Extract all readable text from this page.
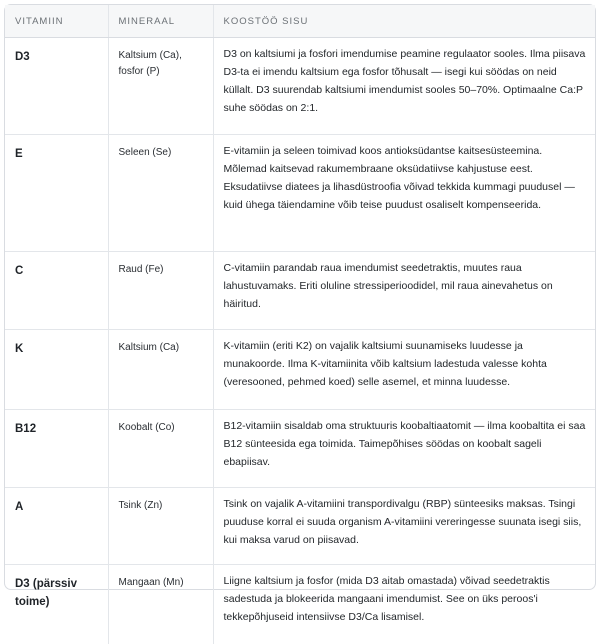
VITAMIIN	MINERAAL	KOOSTÖÖ SISU
D3	Kaltsium (Ca), fosfor (P)	D3 on kaltsiumi ja fosfori imendumise peamine regulaator sooles. Ilma piisava D3-ta ei imendu kaltsium ega fosfor tõhusalt — isegi kui söödas on neid küllalt. D3 suurendab kaltsiumi imendumist sooles 50–70%. Optimaalne Ca:P suhe söödas on 2:1.
E	Seleen (Se)	E-vitamiin ja seleen toimivad koos antioksüdantse kaitsesüsteemina. Mõlemad kaitsevad rakumembraane oksüdatiivse kahjustuse eest. Eksudatiivse diatees ja lihasdüstroofia võivad tekkida kummagi puudusel — kuid ühega täiendamine võib teise puudust osaliselt kompenseerida.
C	Raud (Fe)	C-vitamiin parandab raua imendumist seedetraktis, muutes raua lahustuvamaks. Eriti oluline stressiperioodidel, mil raua ainevahetus on häiritud.
K	Kaltsium (Ca)	K-vitamiin (eriti K2) on vajalik kaltsiumi suunamiseks luudesse ja munakoorde. Ilma K-vitamiinita võib kaltsium ladestuda valesse kohta (veresooned, pehmed koed) selle asemel, et minna luudesse.
B12	Koobalt (Co)	B12-vitamiin sisaldab oma struktuuris koobaltiaatomit — ilma koobaltita ei saa B12 sünteesida ega toimida. Taimepõhises söödas on koobalt sageli ebapiisav.
A	Tsink (Zn)	Tsink on vajalik A-vitamiini transpordivalgu (RBP) sünteesiks maksas. Tsingi puuduse korral ei suuda organism A-vitamiini vereringesse suunata isegi siis, kui maksa varud on piisavad.
D3 (pärssiv toime)	Mangaan (Mn)	Liigne kaltsium ja fosfor (mida D3 aitab omastada) võivad seedetraktis sadestuda ja blokeerida mangaani imendumist. See on üks peroos'i tekkepõhjuseid intensiivse D3/Ca lisamisel.
